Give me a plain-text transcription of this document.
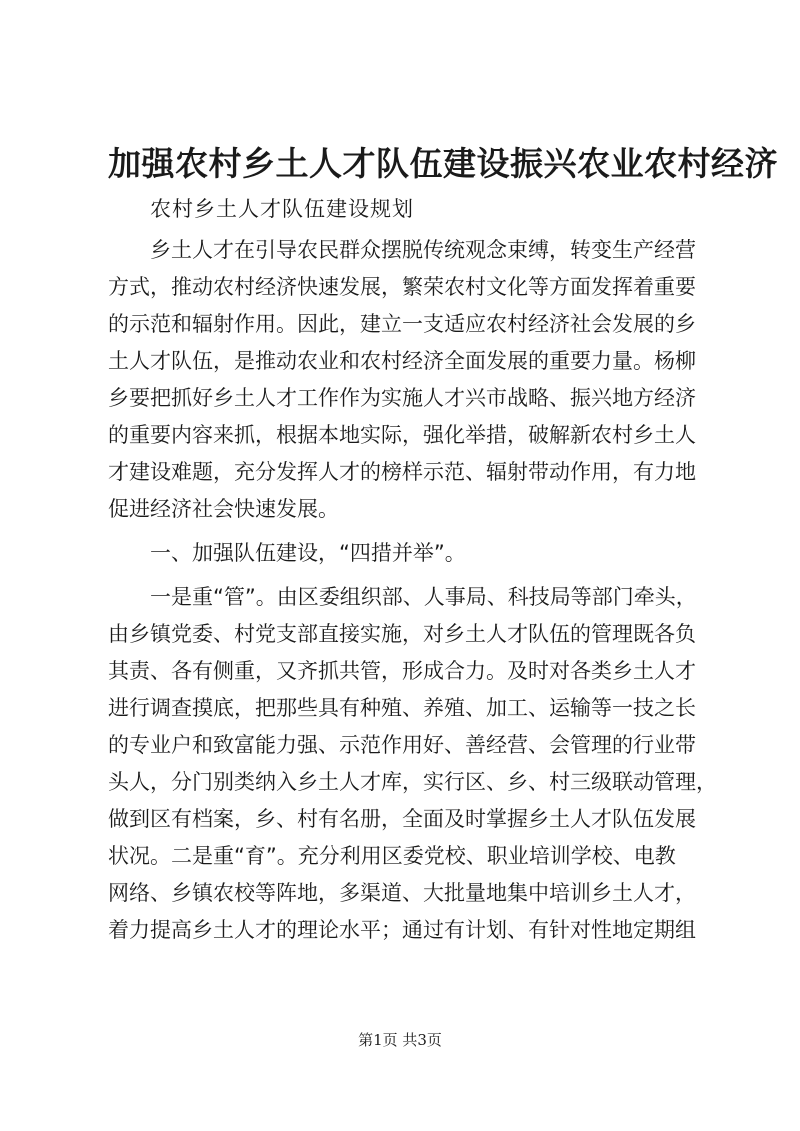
加强农村乡土人才队伍建设振兴农业农村经济

农村乡土人才队伍建设规划

乡土人才在引导农民群众摆脱传统观念束缚，转变生产经营

方式，推动农村经济快速发展，繁荣农村文化等方面发挥着重要

的示范和辐射作用。因此，建立一支适应农村经济社会发展的乡

土人才队伍，是推动农业和农村经济全面发展的重要力量。杨柳

乡要把抓好乡土人才工作作为实施人才兴市战略、振兴地方经济

的重要内容来抓，根据本地实际，强化举措，破解新农村乡土人

才建设难题，充分发挥人才的榜样示范、辐射带动作用，有力地

促进经济社会快速发展。

一、加强队伍建设，“四措并举”。

一是重“管”。由区委组织部、人事局、科技局等部门牵头，

由乡镇党委、村党支部直接实施，对乡土人才队伍的管理既各负

其责、各有侧重，又齐抓共管，形成合力。及时对各类乡土人才

进行调查摸底，把那些具有种殖、养殖、加工、运输等一技之长

的专业户和致富能力强、示范作用好、善经营、会管理的行业带

头人，分门别类纳入乡土人才库，实行区、乡、村三级联动管理，

做到区有档案，乡、村有名册，全面及时掌握乡土人才队伍发展

状况。二是重“育”。充分利用区委党校、职业培训学校、电教

网络、乡镇农校等阵地，多渠道、大批量地集中培训乡土人才，

着力提高乡土人才的理论水平；通过有计划、有针对性地定期组

第1页 共3页
